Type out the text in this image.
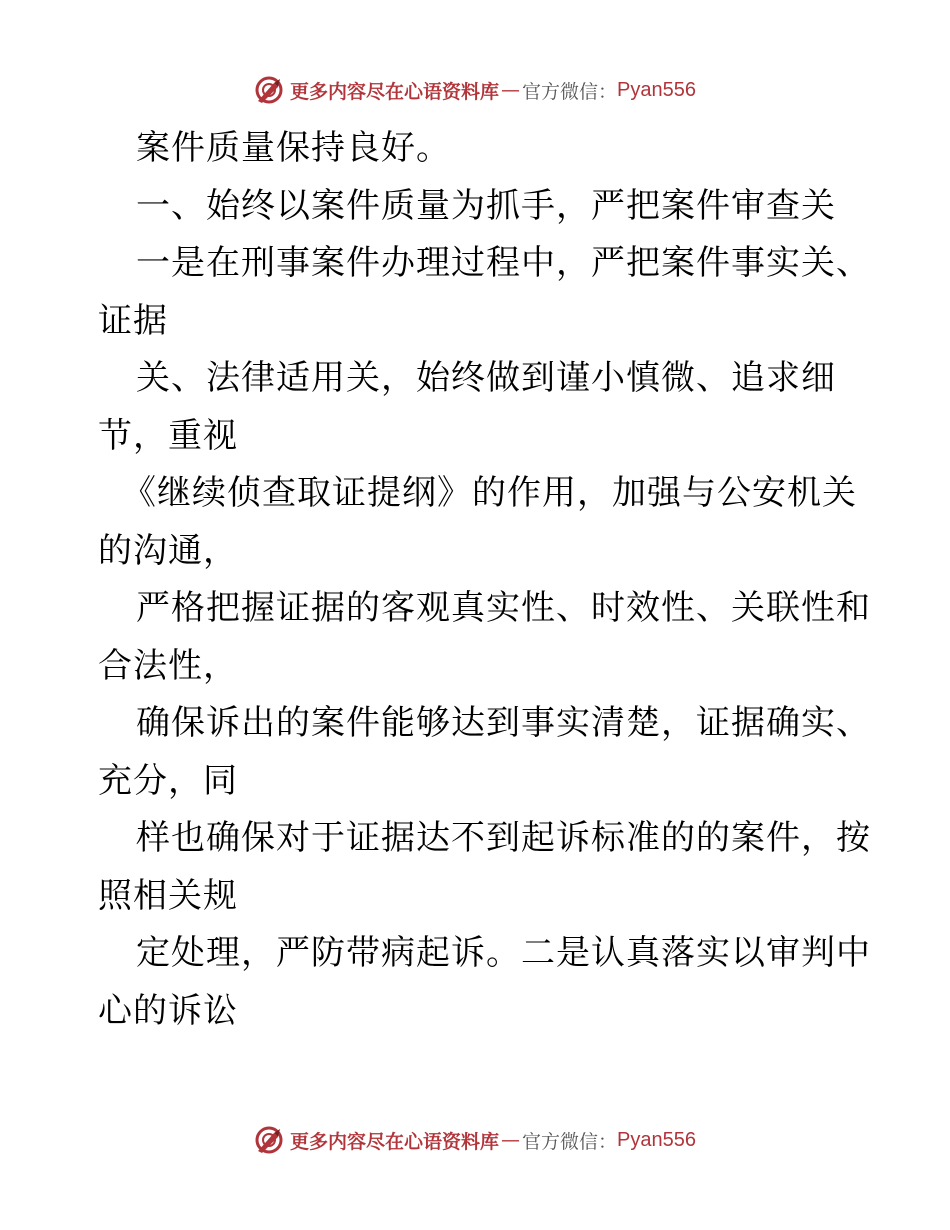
更多内容尽在心语资料库 — 官方微信： Pyan556
案件质量保持良好。
一、始终以案件质量为抓手，严把案件审查关
一是在刑事案件办理过程中，严把案件事实关、
证据
关、法律适用关，始终做到谨小慎微、追求细
节，重视
《继续侦查取证提纲》的作用，加强与公安机关
的沟通，
严格把握证据的客观真实性、时效性、关联性和
合法性，
确保诉出的案件能够达到事实清楚，证据确实、
充分，同
样也确保对于证据达不到起诉标准的的案件，按
照相关规
定处理，严防带病起诉。二是认真落实以审判中
心的诉讼
更多内容尽在心语资料库 — 官方微信： Pyan556
